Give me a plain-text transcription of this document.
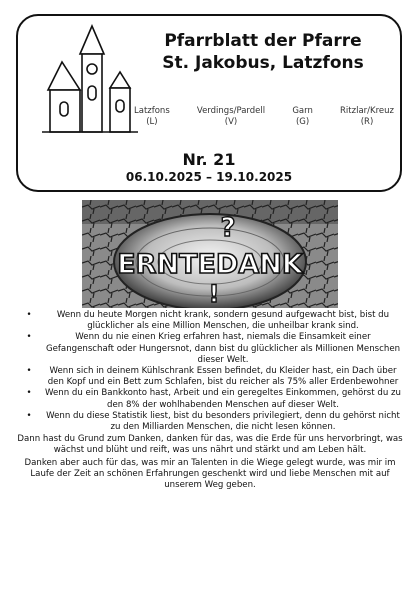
Pfarrblatt der Pfarre
St. Jakobus, Latzfons
Latzfons
(L)
Verdings/Pardell
(V)
Garn
(G)
Ritzlar/Kreuz
(R)
Nr. 21
06.10.2025 – 19.10.2025
?
ERNTEDANK
!
•	Wenn du heute Morgen nicht krank, sondern gesund aufgewacht bist, bist du glücklicher als eine Million Menschen, die unheilbar krank sind.
•	Wenn du nie einen Krieg erfahren hast, niemals die Einsamkeit einer Gefangenschaft oder Hungersnot, dann bist du glücklicher als Millionen Menschen dieser Welt.
•	Wenn sich in deinem Kühlschrank Essen befindet, du Kleider hast, ein Dach über den Kopf und ein Bett zum Schlafen, bist du reicher als 75% aller Erdenbewohner
•	Wenn du ein Bankkonto hast, Arbeit und ein geregeltes Einkommen, gehörst du zu den 8% der wohlhabenden Menschen auf dieser Welt.
•	Wenn du diese Statistik liest, bist du besonders privilegiert, denn du gehörst nicht zu den Milliarden Menschen, die nicht lesen können.
Dann hast du Grund zum Danken, danken für das, was die Erde für uns hervorbringt, was wächst und blüht und reift, was uns nährt und stärkt und am Leben hält.
Danken aber auch für das, was mir an Talenten in die Wiege gelegt wurde, was mir im Laufe der Zeit an schönen Erfahrungen geschenkt wird und liebe Menschen mit auf unserem Weg geben.
